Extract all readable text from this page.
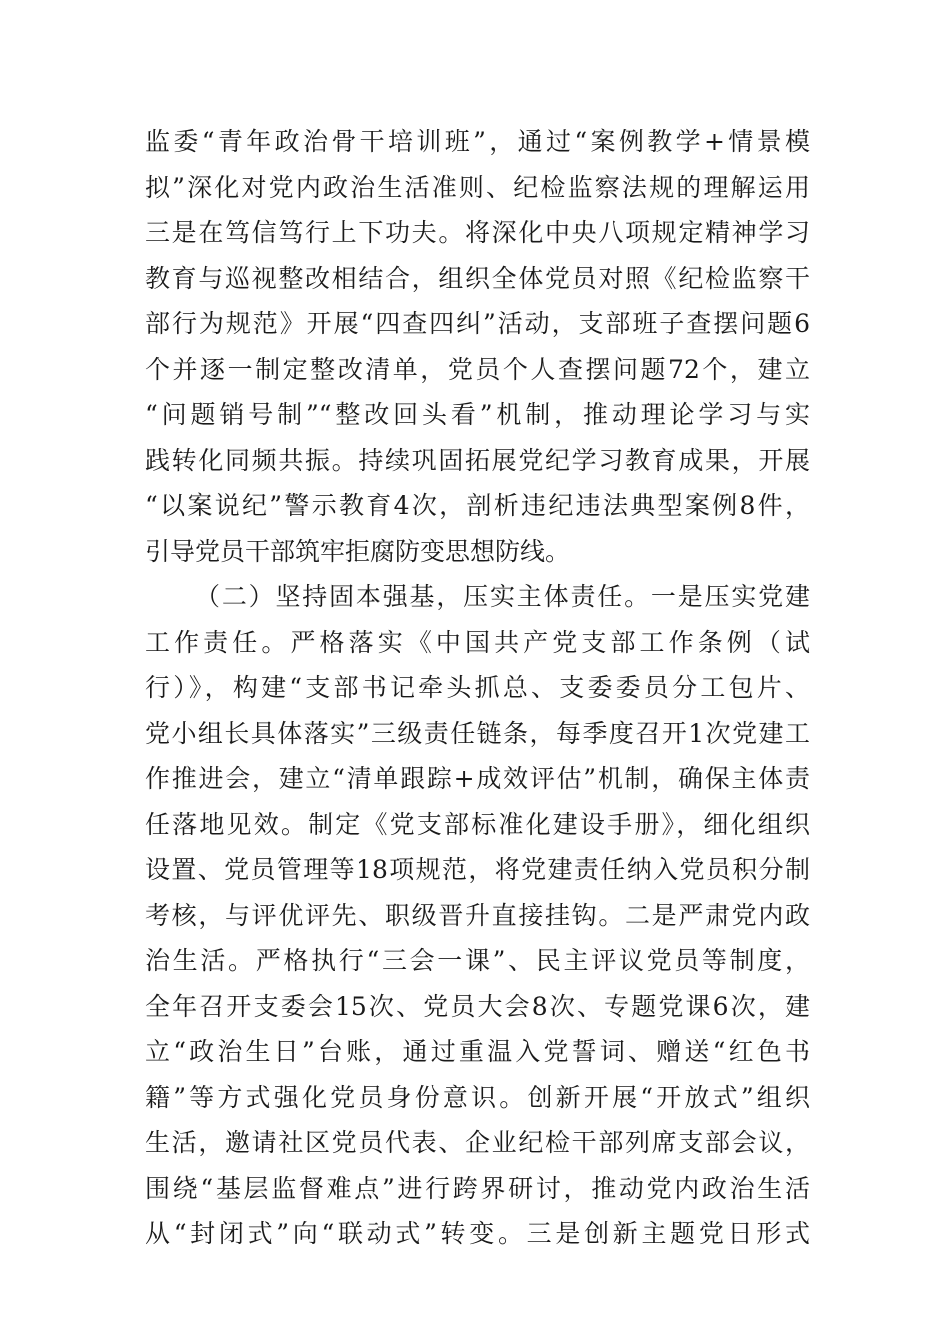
监委“青年政治骨干培训班”，通过“案例教学+情景模
拟”深化对党内政治生活准则、纪检监察法规的理解运用
三是在笃信笃行上下功夫。将深化中央八项规定精神学习
教育与巡视整改相结合，组织全体党员对照《纪检监察干
部行为规范》开展“四查四纠”活动，支部班子查摆问题6
个并逐一制定整改清单，党员个人查摆问题72个，建立
“问题销号制”“整改回头看”机制，推动理论学习与实
践转化同频共振。持续巩固拓展党纪学习教育成果，开展
“以案说纪”警示教育4次，剖析违纪违法典型案例8件，
引导党员干部筑牢拒腐防变思想防线。
（二）坚持固本强基，压实主体责任。一是压实党建
工作责任。严格落实《中国共产党支部工作条例（试
行）》，构建“支部书记牵头抓总、支委委员分工包片、
党小组长具体落实”三级责任链条，每季度召开1次党建工
作推进会，建立“清单跟踪+成效评估”机制，确保主体责
任落地见效。制定《党支部标准化建设手册》，细化组织
设置、党员管理等18项规范，将党建责任纳入党员积分制
考核，与评优评先、职级晋升直接挂钩。二是严肃党内政
治生活。严格执行“三会一课”、民主评议党员等制度，
全年召开支委会15次、党员大会8次、专题党课6次，建
立“政治生日”台账，通过重温入党誓词、赠送“红色书
籍”等方式强化党员身份意识。创新开展“开放式”组织
生活，邀请社区党员代表、企业纪检干部列席支部会议，
围绕“基层监督难点”进行跨界研讨，推动党内政治生活
从“封闭式”向“联动式”转变。三是创新主题党日形式
